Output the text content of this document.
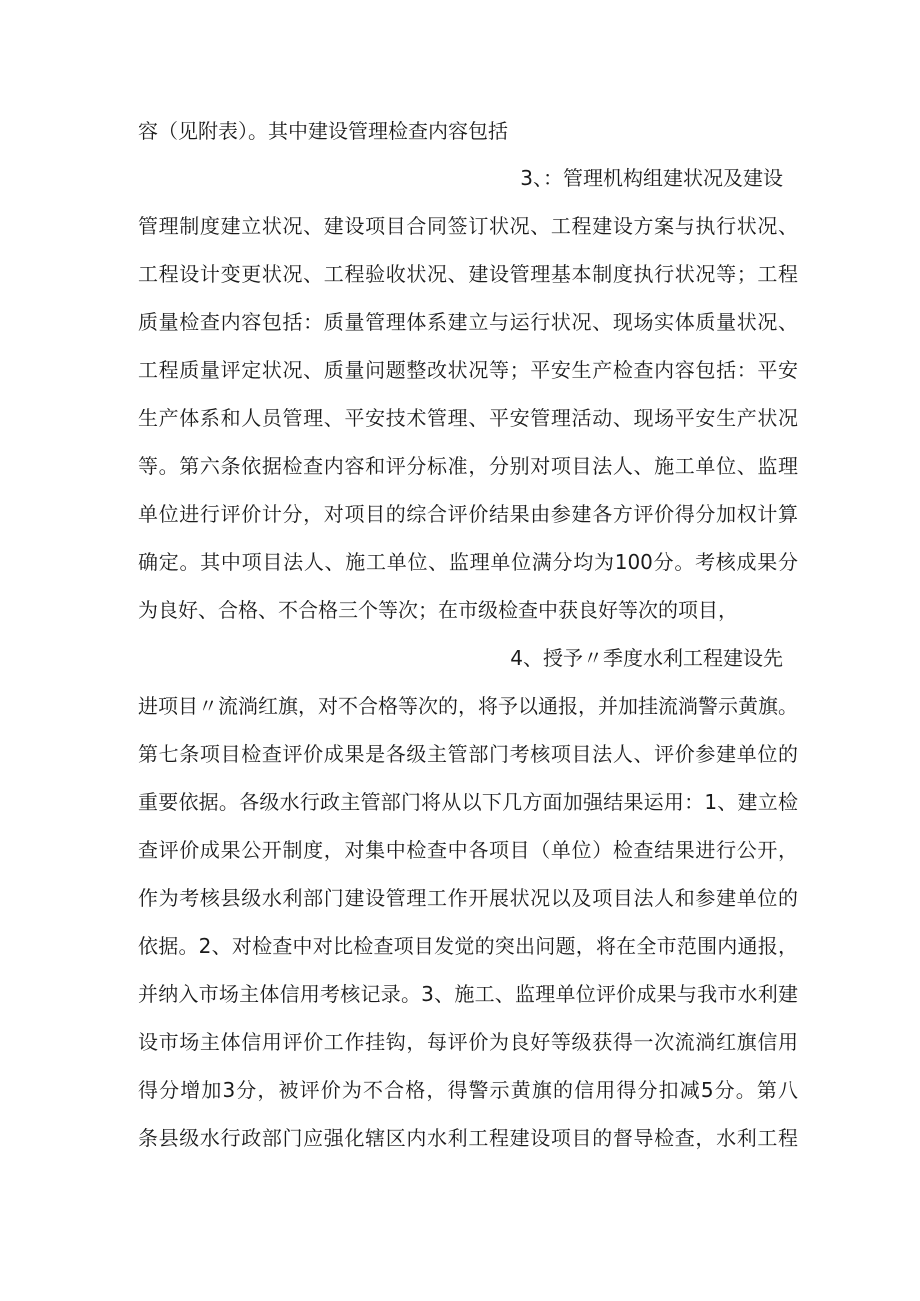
容（见附表）。其中建设管理检查内容包括
3、：管理机构组建状况及建设
管理制度建立状况、建设项目合同签订状况、工程建设方案与执行状况、
工程设计变更状况、工程验收状况、建设管理基本制度执行状况等；工程
质量检查内容包括：质量管理体系建立与运行状况、现场实体质量状况、
工程质量评定状况、质量问题整改状况等；平安生产检查内容包括：平安
生产体系和人员管理、平安技术管理、平安管理活动、现场平安生产状况
等。第六条依据检查内容和评分标准，分别对项目法人、施工单位、监理
单位进行评价计分，对项目的综合评价结果由参建各方评价得分加权计算
确定。其中项目法人、施工单位、监理单位满分均为100分。考核成果分
为良好、合格、不合格三个等次；在市级检查中获良好等次的项目，
4、授予〃季度水利工程建设先
进项目〃流淌红旗，对不合格等次的，将予以通报，并加挂流淌警示黄旗。
第七条项目检查评价成果是各级主管部门考核项目法人、评价参建单位的
重要依据。各级水行政主管部门将从以下几方面加强结果运用：1、建立检
查评价成果公开制度，对集中检查中各项目（单位）检查结果进行公开，
作为考核县级水利部门建设管理工作开展状况以及项目法人和参建单位的
依据。2、对检查中对比检查项目发觉的突出问题，将在全市范围内通报，
并纳入市场主体信用考核记录。3、施工、监理单位评价成果与我市水利建
设市场主体信用评价工作挂钩，每评价为良好等级获得一次流淌红旗信用
得分增加3分，被评价为不合格，得警示黄旗的信用得分扣减5分。第八
条县级水行政部门应强化辖区内水利工程建设项目的督导检查，水利工程
